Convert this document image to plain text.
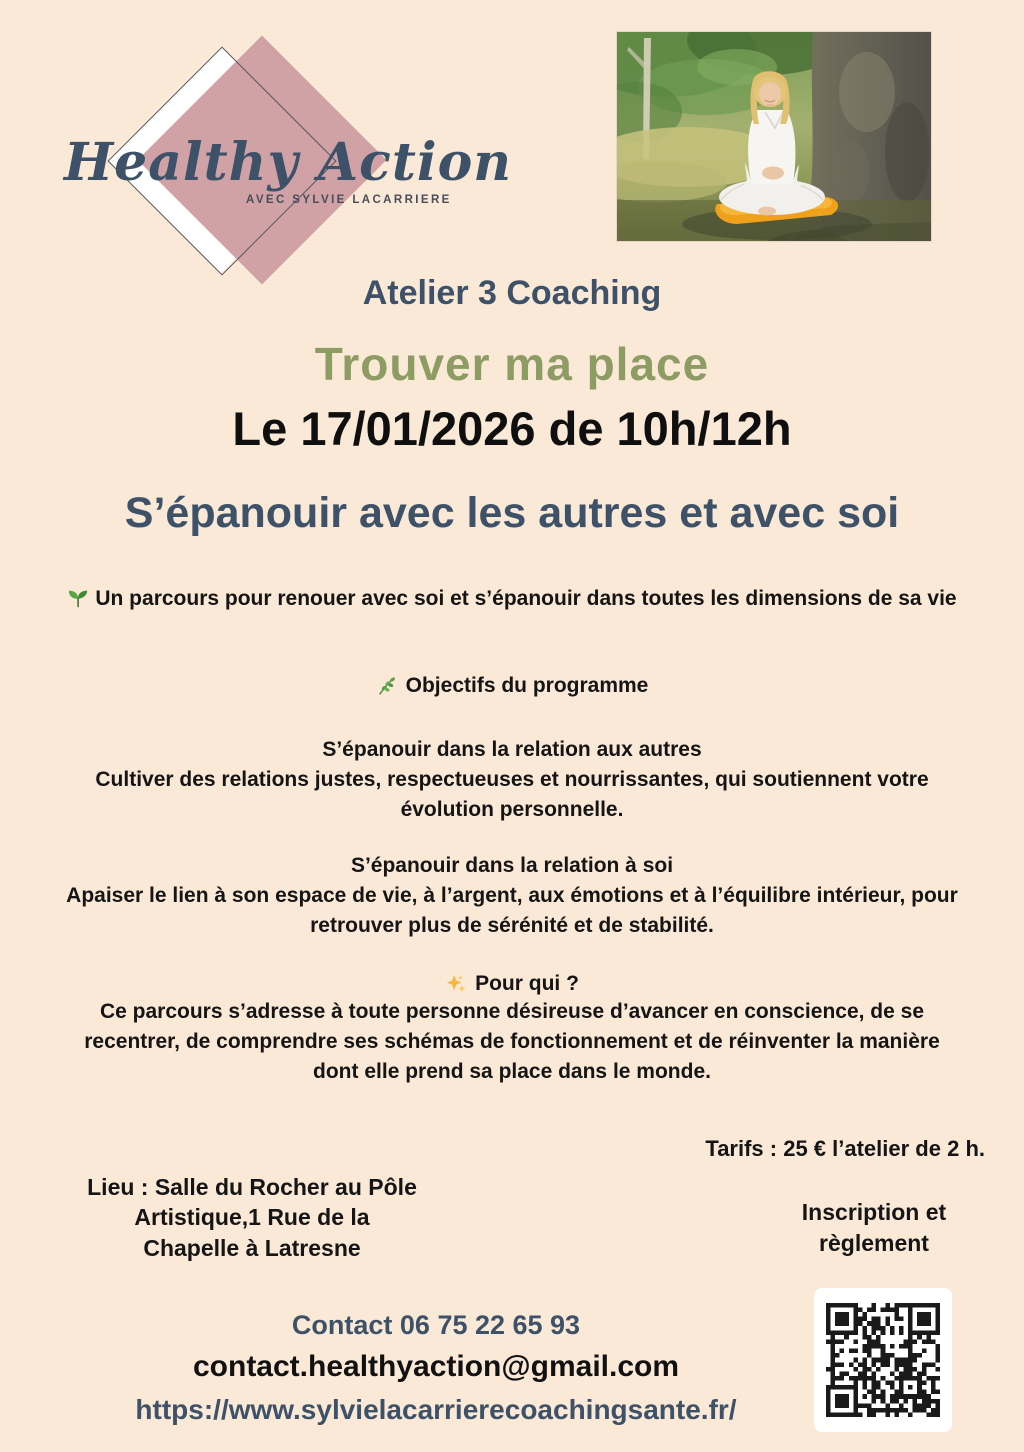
Healthy Action
AVEC SYLVIE LACARRIERE
Atelier 3 Coaching
Trouver ma place
Le 17/01/2026 de 10h/12h
S’épanouir avec les autres et avec soi
Un parcours pour renouer avec soi et s’épanouir dans toutes les dimensions de sa vie
Objectifs du programme
S’épanouir dans la relation aux autres
Cultiver des relations justes, respectueuses et nourrissantes, qui soutiennent votre évolution personnelle.
S’épanouir dans la relation à soi
Apaiser le lien à son espace de vie, à l’argent, aux émotions et à l’équilibre intérieur, pour retrouver plus de sérénité et de stabilité.
Pour qui ?
Ce parcours s’adresse à toute personne désireuse d’avancer en conscience, de se recentrer, de comprendre ses schémas de fonctionnement et de réinventer la manière dont elle prend sa place dans le monde.
Tarifs : 25 € l’atelier de 2 h.
Lieu : Salle du Rocher au Pôle
Artistique,1 Rue de la
Chapelle à Latresne
Inscription et règlement
Contact 06 75 22 65 93
contact.healthyaction@gmail.com
https://www.sylvielacarrierecoachingsante.fr/
